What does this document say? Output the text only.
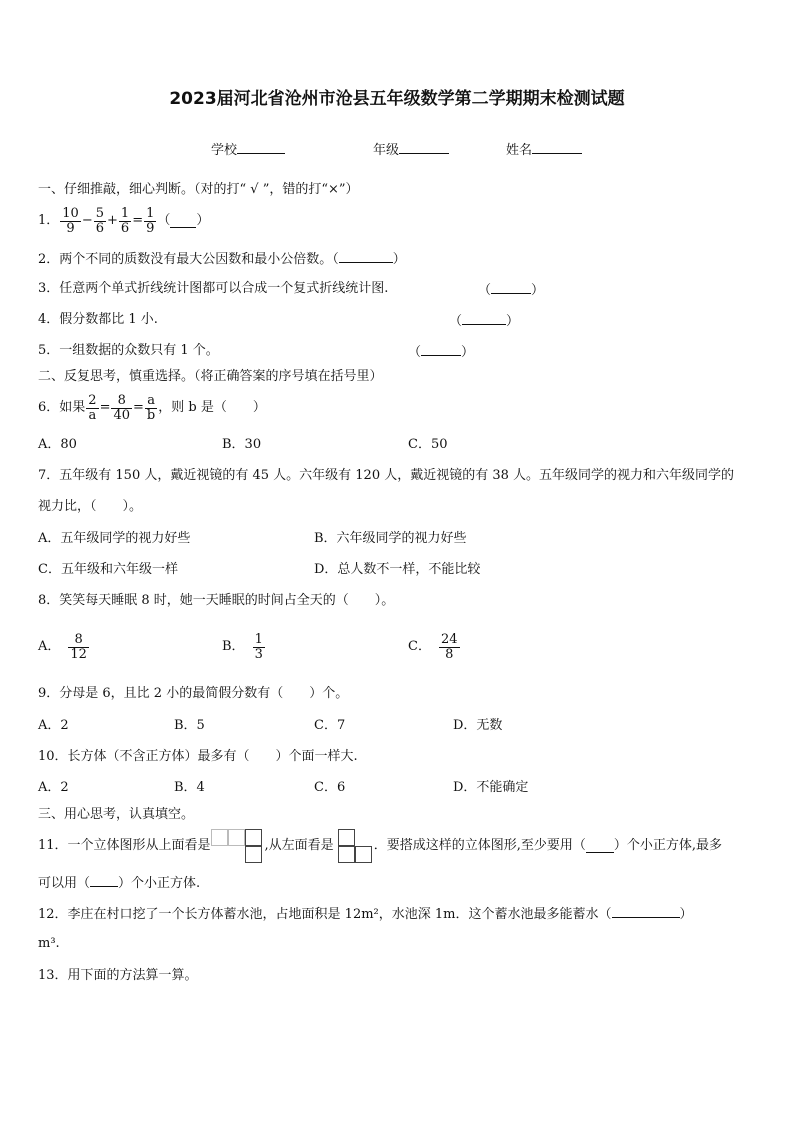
2023届河北省沧州市沧县五年级数学第二学期期末检测试题
学校	年级	姓名
一、仔细推敲，细心判断。（对的打“ √ ”，错的打“×”）
1． $\frac{10}{9} - \frac{5}{6} + \frac{1}{6} = \frac{1}{9}$ （ ）
2．两个不同的质数没有最大公因数和最小公倍数。（	）
3．任意两个单式折线统计图都可以合成一个复式折线统计图.	（	）
4．假分数都比 1 小.	（	）
5．一组数据的众数只有 1 个。	（	）
二、反复思考，慎重选择。（将正确答案的序号填在括号里）
6．如果 $\frac{2}{a} = \frac{8}{40} = \frac{a}{b}$ ，则 b 是（　　）
A．80	B．30	C．50
7．五年级有 150 人，戴近视镜的有 45 人。六年级有 120 人，戴近视镜的有 38 人。五年级同学的视力和六年级同学的
视力比，（　　）。
A．五年级同学的视力好些	B．六年级同学的视力好些
C．五年级和六年级一样	D．总人数不一样，不能比较
8．笑笑每天睡眠 8 时，她一天睡眠的时间占全天的（　　）。
A． $\frac{8}{12}$	B． $\frac{1}{3}$	C． $\frac{24}{8}$
9．分母是 6，且比 2 小的最简假分数有（　　）个。
A．2	B．5	C．7	D．无数
10．长方体（不含正方体）最多有（　　）个面一样大.
A．2	B．4	C．6	D．不能确定
三、用心思考，认真填空。
11．一个立体图形从上面看是	,从左面看是	．要搭成这样的立体图形,至少要用（ ）个小正方体,最多
可以用（ ）个小正方体.
12．李庄在村口挖了一个长方体蓄水池，占地面积是 12m²，水池深 1m．这个蓄水池最多能蓄水（	）
m³.
13．用下面的方法算一算。
